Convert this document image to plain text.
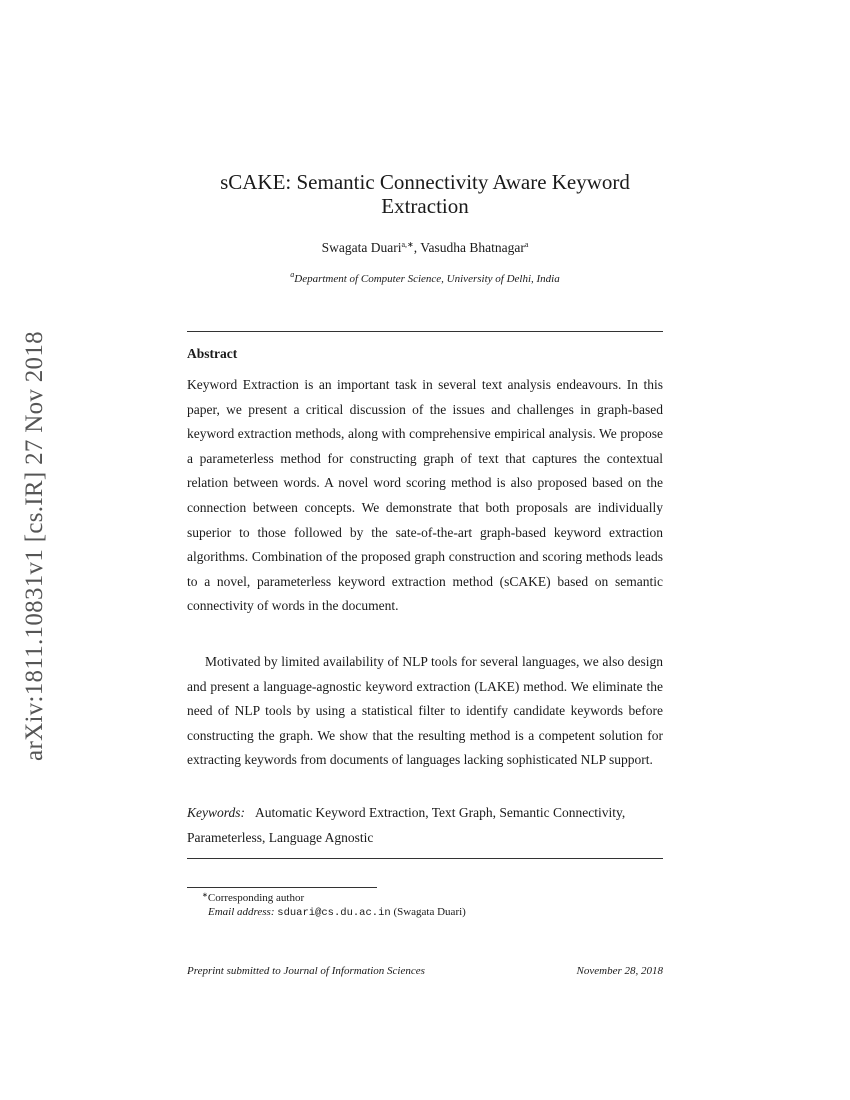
arXiv:1811.10831v1 [cs.IR] 27 Nov 2018
sCAKE: Semantic Connectivity Aware Keyword
Extraction
Swagata Duari$^{a,∗}$, Vasudha Bhatnagar$^a$
$^a$Department of Computer Science, University of Delhi, India
Abstract

Keyword Extraction is an important task in several text analysis endeavours. In this paper, we present a critical discussion of the issues and challenges in graph-based keyword extraction methods, along with comprehensive empirical analysis. We propose a parameterless method for constructing graph of text that captures the contextual relation between words. A novel word scoring method is also proposed based on the connection between concepts. We demonstrate that both proposals are individually superior to those followed by the sate-of-the-art graph-based keyword extraction algorithms. Combination of the proposed graph construction and scoring methods leads to a novel, parameterless keyword extraction method (sCAKE) based on semantic connectivity of words in the document.

Motivated by limited availability of NLP tools for several languages, we also design and present a language-agnostic keyword extraction (LAKE) method. We eliminate the need of NLP tools by using a statistical filter to identify candidate keywords before constructing the graph. We show that the resulting method is a competent solution for extracting keywords from documents of languages lacking sophisticated NLP support.

Keywords: Automatic Keyword Extraction, Text Graph, Semantic Connectivity, Parameterless, Language Agnostic

∗Corresponding author
Email address: sduari@cs.du.ac.in (Swagata Duari)
Preprint submitted to Journal of Information Sciences	November 28, 2018
